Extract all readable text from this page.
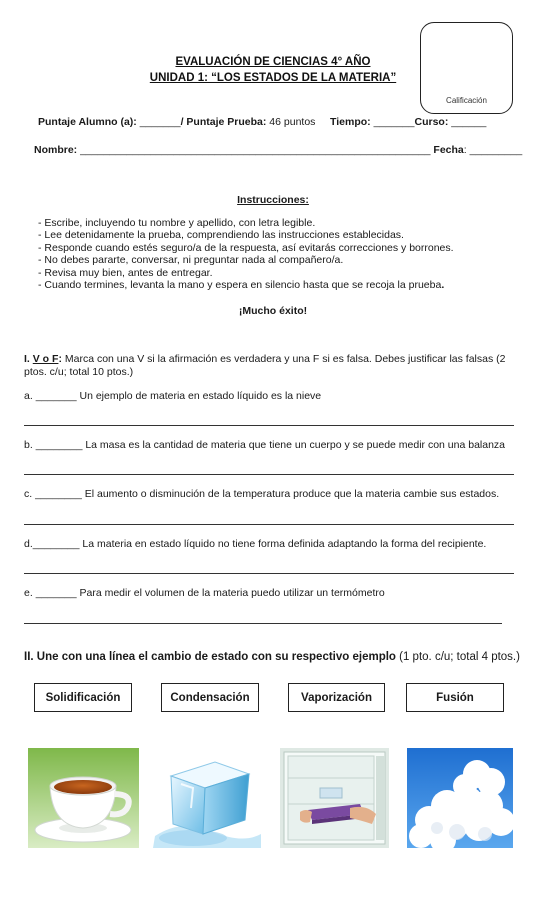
EVALUACIÓN DE CIENCIAS 4° AÑO
UNIDAD 1: “LOS ESTADOS DE LA MATERIA”
Calificación
Puntaje Alumno (a): _______/ Puntaje Prueba: 46 puntos Tiempo: _______Curso: ______
Nombre: ____________________________________________________________ Fecha: _________
Instrucciones:
- Escribe, incluyendo tu nombre y apellido, con letra legible.
- Lee detenidamente la prueba, comprendiendo las instrucciones establecidas.
- Responde cuando estés seguro/a de la respuesta, así evitarás correcciones y borrones.
- No debes pararte, conversar, ni preguntar nada al compañero/a.
- Revisa muy bien, antes de entregar.
- Cuando termines, levanta la mano y espera en silencio hasta que se recoja la prueba.
¡Mucho éxito!
I. V o F: Marca con una V si la afirmación es verdadera y una F si es falsa. Debes justificar las falsas (2
ptos. c/u; total 10 ptos.)
a. _______ Un ejemplo de materia en estado líquido es la nieve
b. ________ La masa es la cantidad de materia que tiene un cuerpo y se puede medir con una balanza
c. ________ El aumento o disminución de la temperatura produce que la materia cambie sus estados.
d.________ La materia en estado líquido no tiene forma definida adaptando la forma del recipiente.
e. _______ Para medir el volumen de la materia puedo utilizar un termómetro
II. Une con una línea el cambio de estado con su respectivo ejemplo (1 pto. c/u; total 4 ptos.)
Solidificación	Condensación	Vaporización	Fusión
